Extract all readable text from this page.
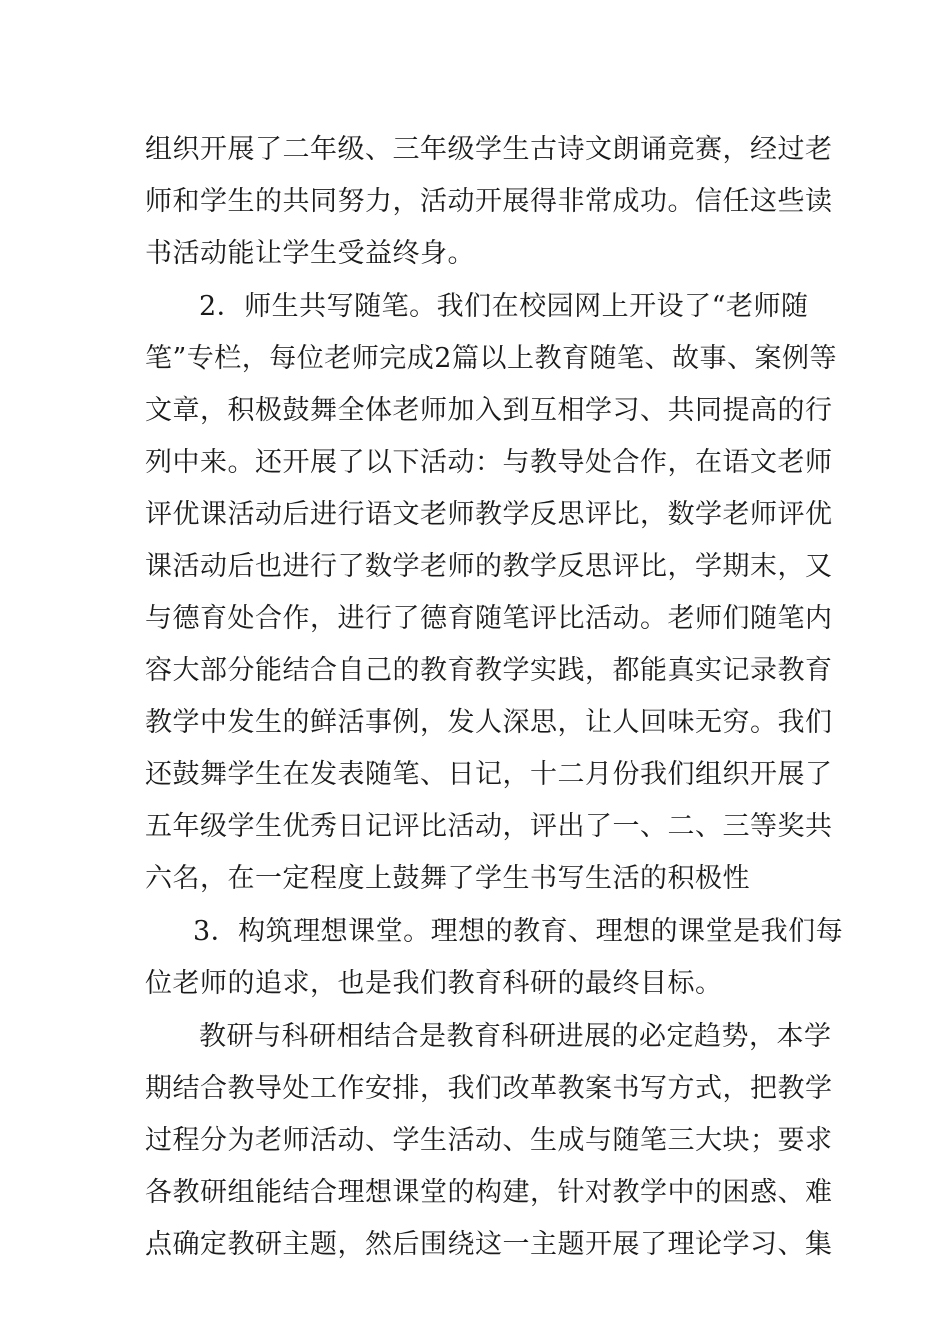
组织开展了二年级、三年级学生古诗文朗诵竞赛，经过老
师和学生的共同努力，活动开展得非常成功。信任这些读
书活动能让学生受益终身。
2．师生共写随笔。我们在校园网上开设了“老师随
笔”专栏，每位老师完成2篇以上教育随笔、故事、案例等
文章，积极鼓舞全体老师加入到互相学习、共同提高的行
列中来。还开展了以下活动：与教导处合作，在语文老师
评优课活动后进行语文老师教学反思评比，数学老师评优
课活动后也进行了数学老师的教学反思评比，学期末，又
与德育处合作，进行了德育随笔评比活动。老师们随笔内
容大部分能结合自己的教育教学实践，都能真实记录教育
教学中发生的鲜活事例，发人深思，让人回味无穷。我们
还鼓舞学生在发表随笔、日记，十二月份我们组织开展了
五年级学生优秀日记评比活动，评出了一、二、三等奖共
六名，在一定程度上鼓舞了学生书写生活的积极性
3．构筑理想课堂。理想的教育、理想的课堂是我们每
位老师的追求，也是我们教育科研的最终目标。
教研与科研相结合是教育科研进展的必定趋势，本学
期结合教导处工作安排，我们改革教案书写方式，把教学
过程分为老师活动、学生活动、生成与随笔三大块；要求
各教研组能结合理想课堂的构建，针对教学中的困惑、难
点确定教研主题，然后围绕这一主题开展了理论学习、集
